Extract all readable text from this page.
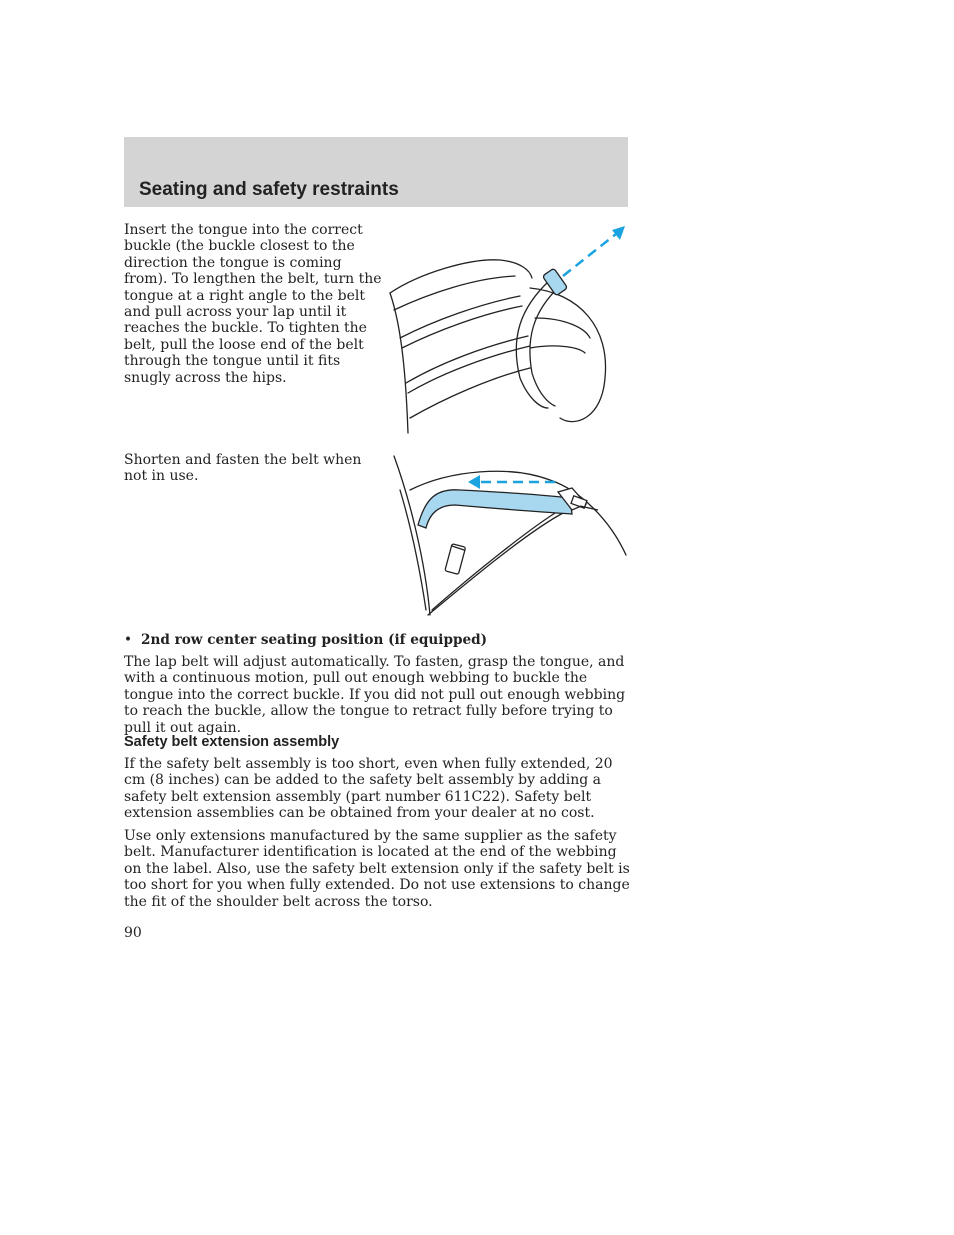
Seating and safety restraints

Insert the tongue into the correct buckle (the buckle closest to the direction the tongue is coming from). To lengthen the belt, turn the tongue at a right angle to the belt and pull across your lap until it reaches the buckle. To tighten the belt, pull the loose end of the belt through the tongue until it fits snugly across the hips.

Shorten and fasten the belt when not in use.

• 2nd row center seating position (if equipped)

The lap belt will adjust automatically. To fasten, grasp the tongue, and with a continuous motion, pull out enough webbing to buckle the tongue into the correct buckle. If you did not pull out enough webbing to reach the buckle, allow the tongue to retract fully before trying to pull it out again.

Safety belt extension assembly

If the safety belt assembly is too short, even when fully extended, 20 cm (8 inches) can be added to the safety belt assembly by adding a safety belt extension assembly (part number 611C22). Safety belt extension assemblies can be obtained from your dealer at no cost.

Use only extensions manufactured by the same supplier as the safety belt. Manufacturer identification is located at the end of the webbing on the label. Also, use the safety belt extension only if the safety belt is too short for you when fully extended. Do not use extensions to change the fit of the shoulder belt across the torso.

90
